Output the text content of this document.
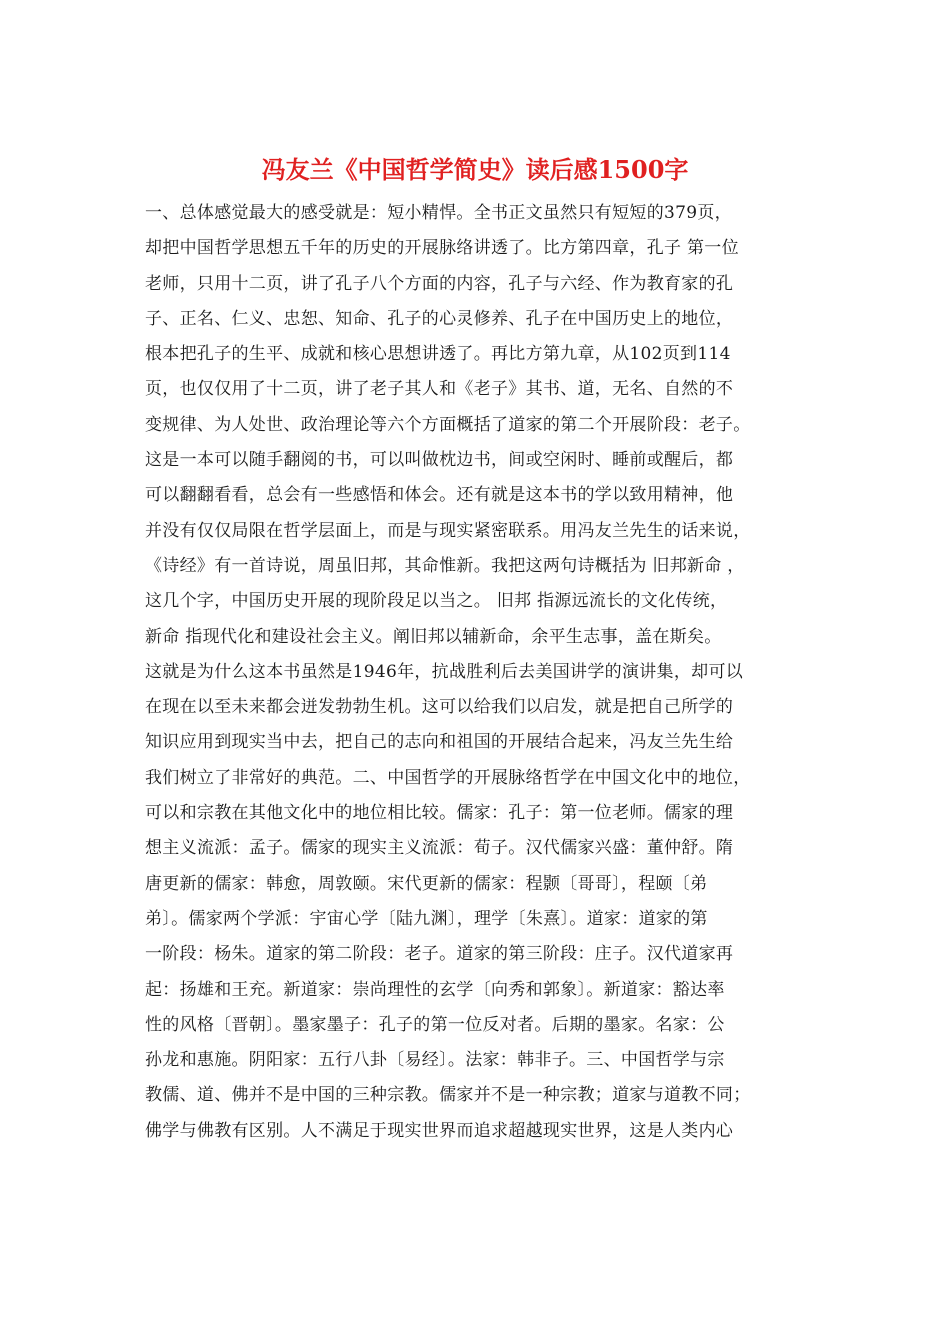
冯友兰《中国哲学简史》读后感1500字
一、总体感觉最大的感受就是：短小精悍。全书正文虽然只有短短的379页，
却把中国哲学思想五千年的历史的开展脉络讲透了。比方第四章，孔子 第一位
老师，只用十二页，讲了孔子八个方面的内容，孔子与六经、作为教育家的孔
子、正名、仁义、忠恕、知命、孔子的心灵修养、孔子在中国历史上的地位，
根本把孔子的生平、成就和核心思想讲透了。再比方第九章，从102页到114
页，也仅仅用了十二页，讲了老子其人和《老子》其书、道，无名、自然的不
变规律、为人处世、政治理论等六个方面概括了道家的第二个开展阶段：老子。
这是一本可以随手翻阅的书，可以叫做枕边书，间或空闲时、睡前或醒后，都
可以翻翻看看，总会有一些感悟和体会。还有就是这本书的学以致用精神，他
并没有仅仅局限在哲学层面上，而是与现实紧密联系。用冯友兰先生的话来说，
《诗经》有一首诗说，周虽旧邦，其命惟新。我把这两句诗概括为 旧邦新命 ，
这几个字，中国历史开展的现阶段足以当之。 旧邦 指源远流长的文化传统，
新命 指现代化和建设社会主义。阐旧邦以辅新命，余平生志事，盖在斯矣。
这就是为什么这本书虽然是1946年，抗战胜利后去美国讲学的演讲集，却可以
在现在以至未来都会迸发勃勃生机。这可以给我们以启发，就是把自己所学的
知识应用到现实当中去，把自己的志向和祖国的开展结合起来，冯友兰先生给
我们树立了非常好的典范。二、中国哲学的开展脉络哲学在中国文化中的地位，
可以和宗教在其他文化中的地位相比较。儒家：孔子：第一位老师。儒家的理
想主义流派：孟子。儒家的现实主义流派：荀子。汉代儒家兴盛：董仲舒。隋
唐更新的儒家：韩愈，周敦颐。宋代更新的儒家：程颢〔哥哥〕，程颐〔弟
弟〕。儒家两个学派：宇宙心学〔陆九渊〕，理学〔朱熹〕。道家：道家的第
一阶段：杨朱。道家的第二阶段：老子。道家的第三阶段：庄子。汉代道家再
起：扬雄和王充。新道家：崇尚理性的玄学〔向秀和郭象〕。新道家：豁达率
性的风格〔晋朝〕。墨家墨子：孔子的第一位反对者。后期的墨家。名家：公
孙龙和惠施。阴阳家：五行八卦〔易经〕。法家：韩非子。三、中国哲学与宗
教儒、道、佛并不是中国的三种宗教。儒家并不是一种宗教；道家与道教不同；
佛学与佛教有区别。人不满足于现实世界而追求超越现实世界，这是人类内心
